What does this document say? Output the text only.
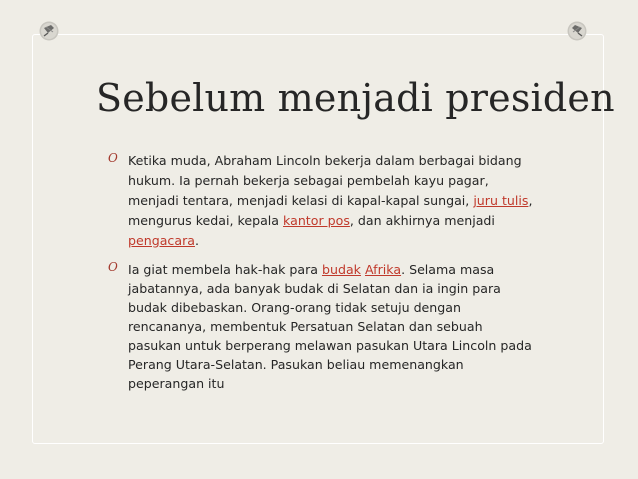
Sebelum menjadi presiden
O Ketika muda, Abraham Lincoln bekerja dalam berbagai bidang hukum. Ia pernah bekerja sebagai pembelah kayu pagar, menjadi tentara, menjadi kelasi di kapal-kapal sungai, juru tulis, mengurus kedai, kepala kantor pos, dan akhirnya menjadi pengacara.
O Ia giat membela hak-hak para budak Afrika. Selama masa jabatannya, ada banyak budak di Selatan dan ia ingin para budak dibebaskan. Orang-orang tidak setuju dengan rencananya, membentuk Persatuan Selatan dan sebuah pasukan untuk berperang melawan pasukan Utara Lincoln pada Perang Utara-Selatan. Pasukan beliau memenangkan peperangan itu
